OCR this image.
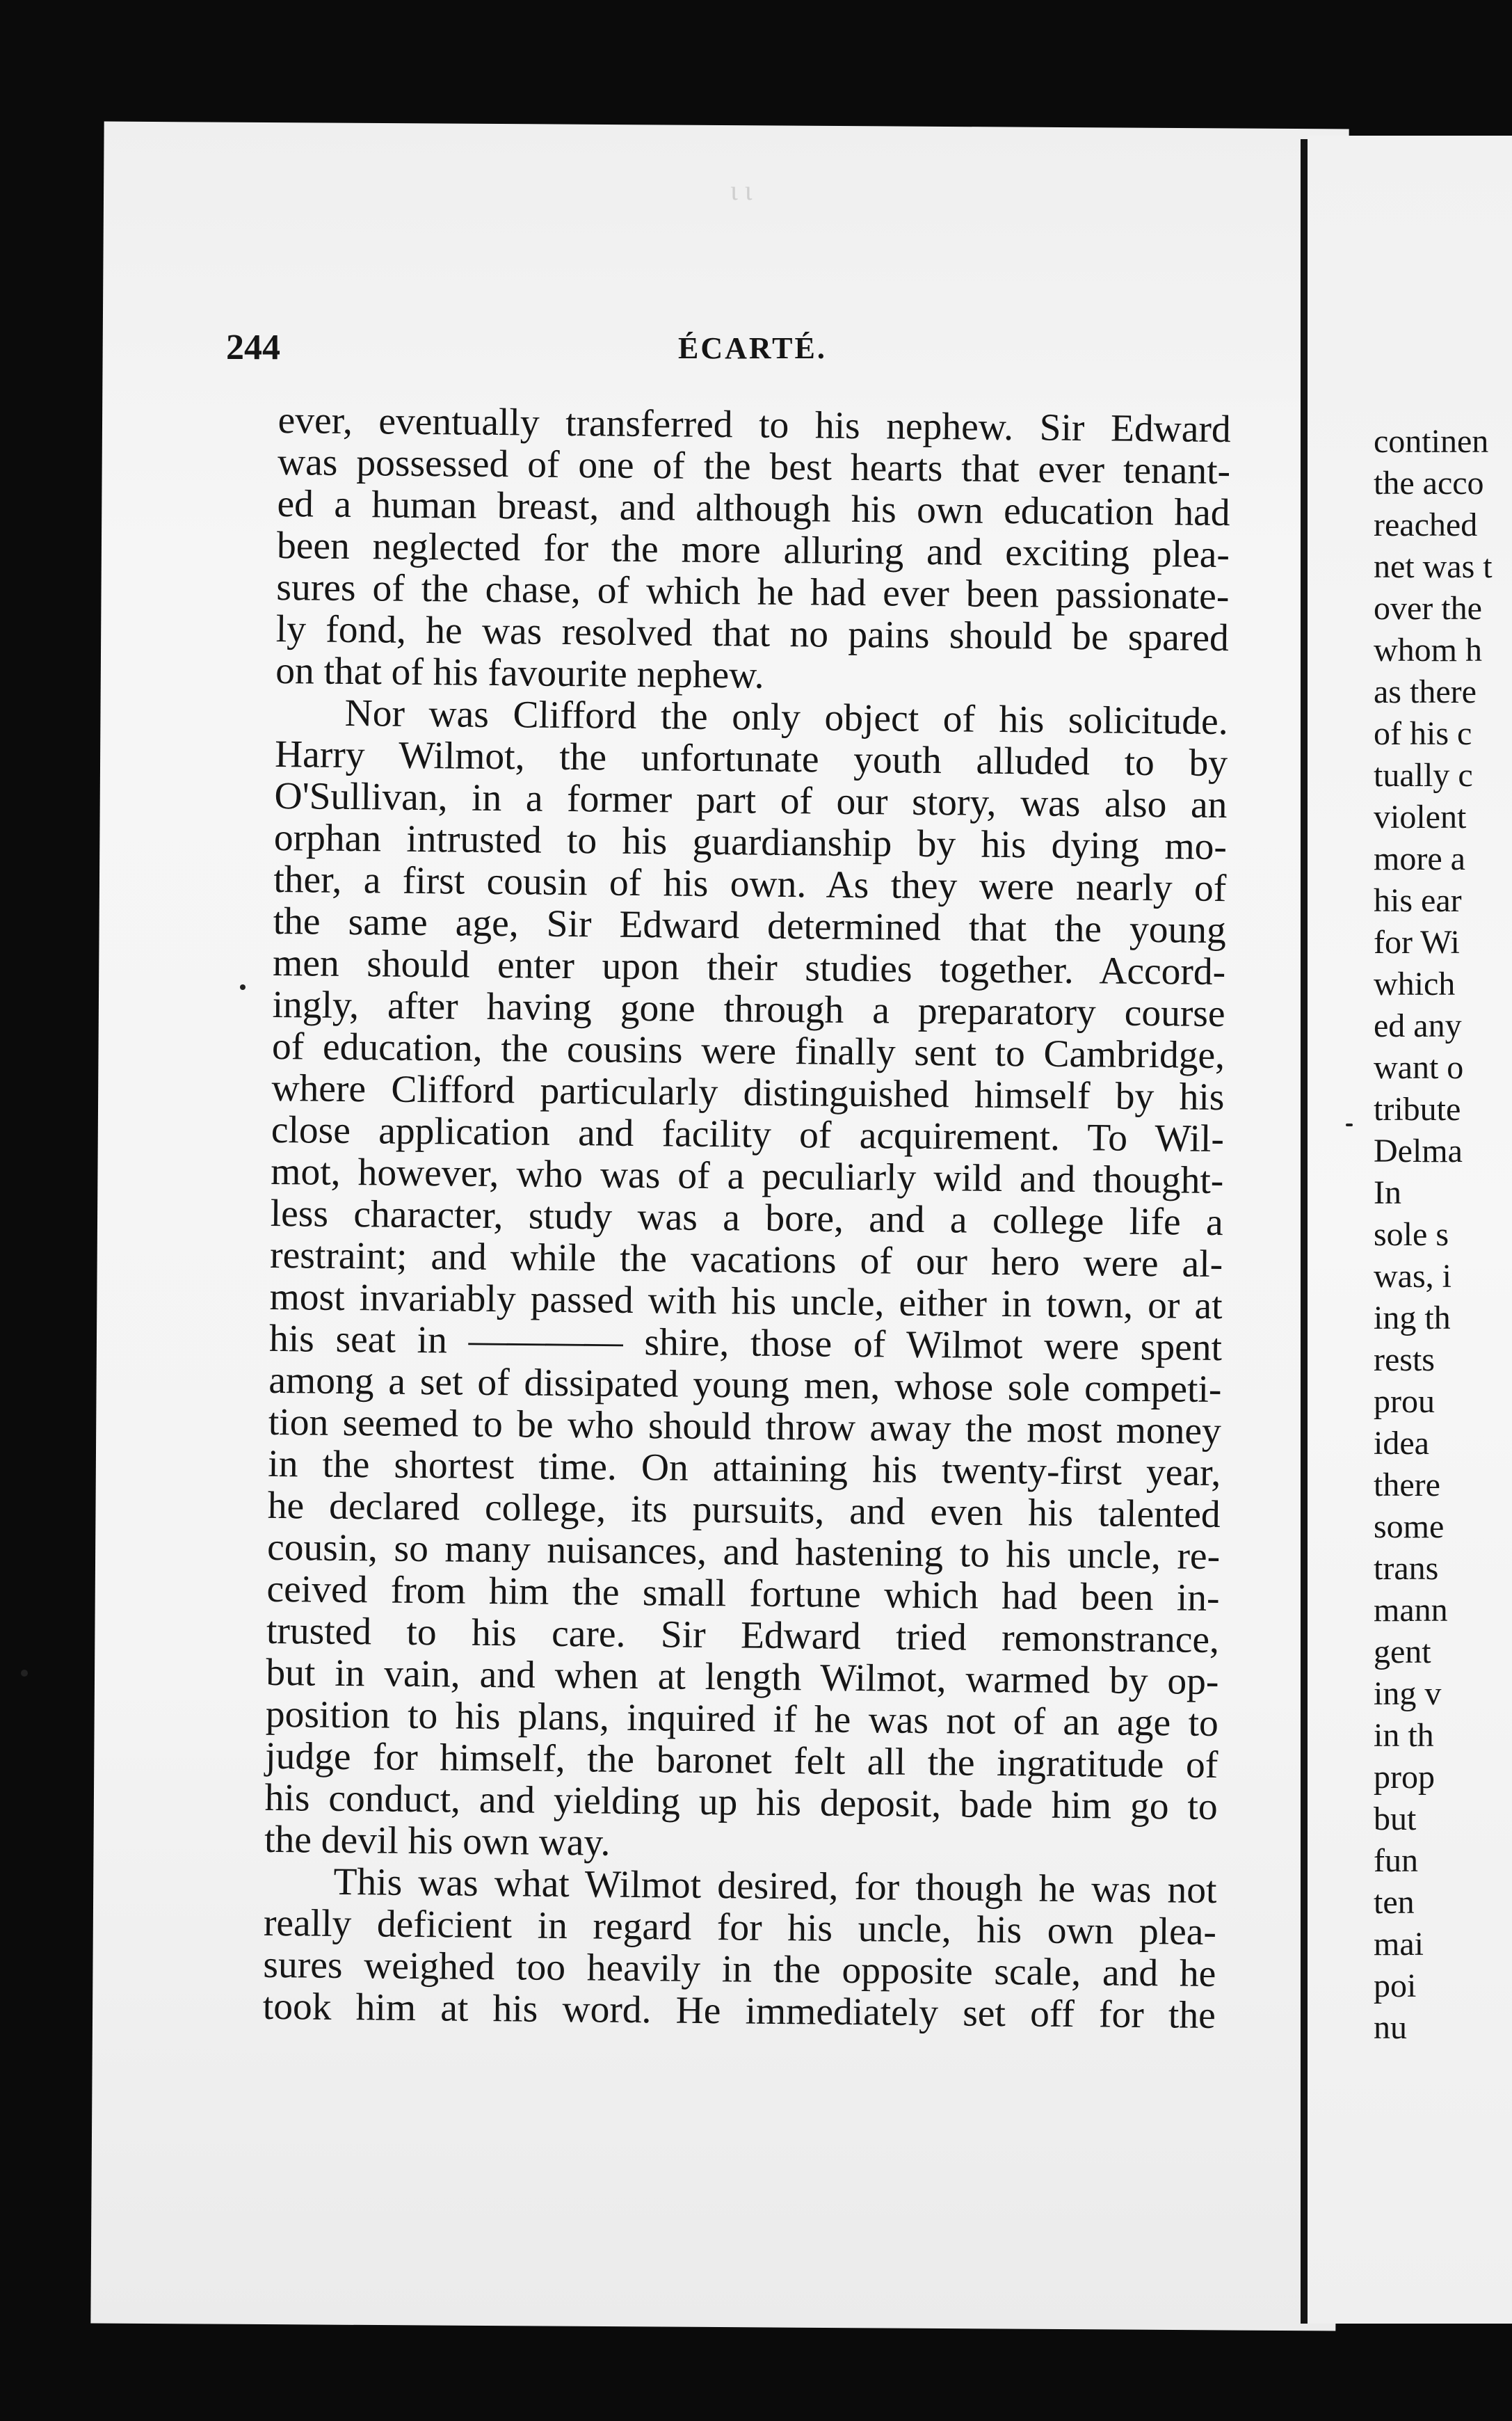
ι ι
244	ÉCARTÉ.
ever, eventually transferred to his nephew. Sir Edward
was possessed of one of the best hearts that ever tenant-
ed a human breast, and although his own education had
been neglected for the more alluring and exciting plea-
sures of the chase, of which he had ever been passionate-
ly fond, he was resolved that no pains should be spared
on that of his favourite nephew.
Nor was Clifford the only object of his solicitude.
Harry Wilmot, the unfortunate youth alluded to by
O'Sullivan, in a former part of our story, was also an
orphan intrusted to his guardianship by his dying mo-
ther, a first cousin of his own. As they were nearly of
the same age, Sir Edward determined that the young
men should enter upon their studies together. Accord-
ingly, after having gone through a preparatory course
of education, the cousins were finally sent to Cambridge,
where Clifford particularly distinguished himself by his
close application and facility of acquirement. To Wil-
mot, however, who was of a peculiarly wild and thought-
less character, study was a bore, and a college life a
restraint; and while the vacations of our hero were al-
most invariably passed with his uncle, either in town, or at
his seat in ———— shire, those of Wilmot were spent
among a set of dissipated young men, whose sole competi-
tion seemed to be who should throw away the most money
in the shortest time. On attaining his twenty-first year,
he declared college, its pursuits, and even his talented
cousin, so many nuisances, and hastening to his uncle, re-
ceived from him the small fortune which had been in-
trusted to his care. Sir Edward tried remonstrance,
but in vain, and when at length Wilmot, warmed by op-
position to his plans, inquired if he was not of an age to
judge for himself, the baronet felt all the ingratitude of
his conduct, and yielding up his deposit, bade him go to
the devil his own way.
This was what Wilmot desired, for though he was not
really deficient in regard for his uncle, his own plea-
sures weighed too heavily in the opposite scale, and he
took him at his word. He immediately set off for the
continen
the acco
reached
net was t
over the
whom h
as there
of his c
tually c
violent
more a
his ear
for Wi
which
ed any
want o
tribute
Delma
In
sole s
was, i
ing th
rests
prou
idea
there
some
trans
mann
gent
ing v
in th
prop
but
fun
ten
mai
poi
nu
